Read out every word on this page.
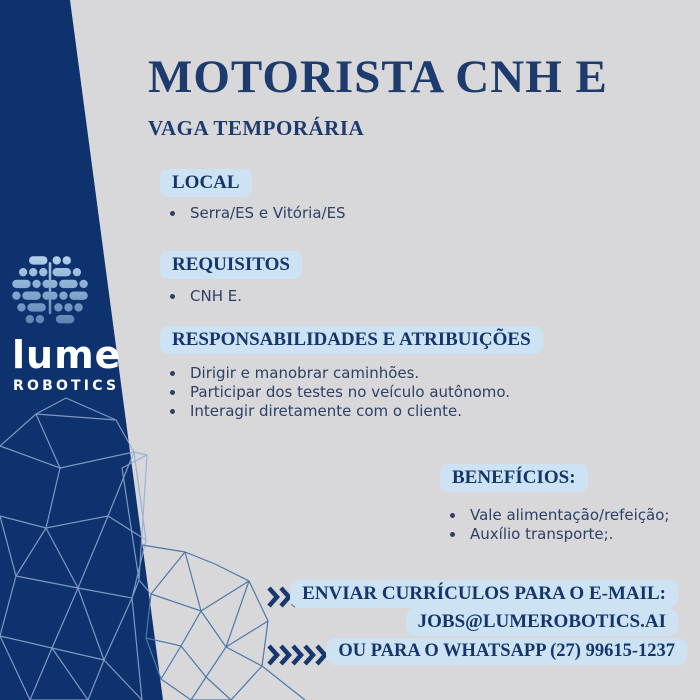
lume
ROBOTICS
MOTORISTA CNH E
VAGA TEMPORÁRIA
LOCAL
• Serra/ES e Vitória/ES
REQUISITOS
• CNH E.
RESPONSABILIDADES E ATRIBUIÇÕES
• Dirigir e manobrar caminhões.
• Participar dos testes no veículo autônomo.
• Interagir diretamente com o cliente.
BENEFÍCIOS:
• Vale alimentação/refeição;
• Auxílio transporte;.
ENVIAR CURRÍCULOS PARA O E-MAIL:
JOBS@LUMEROBOTICS.AI
OU PARA O WHATSAPP (27) 99615-1237
